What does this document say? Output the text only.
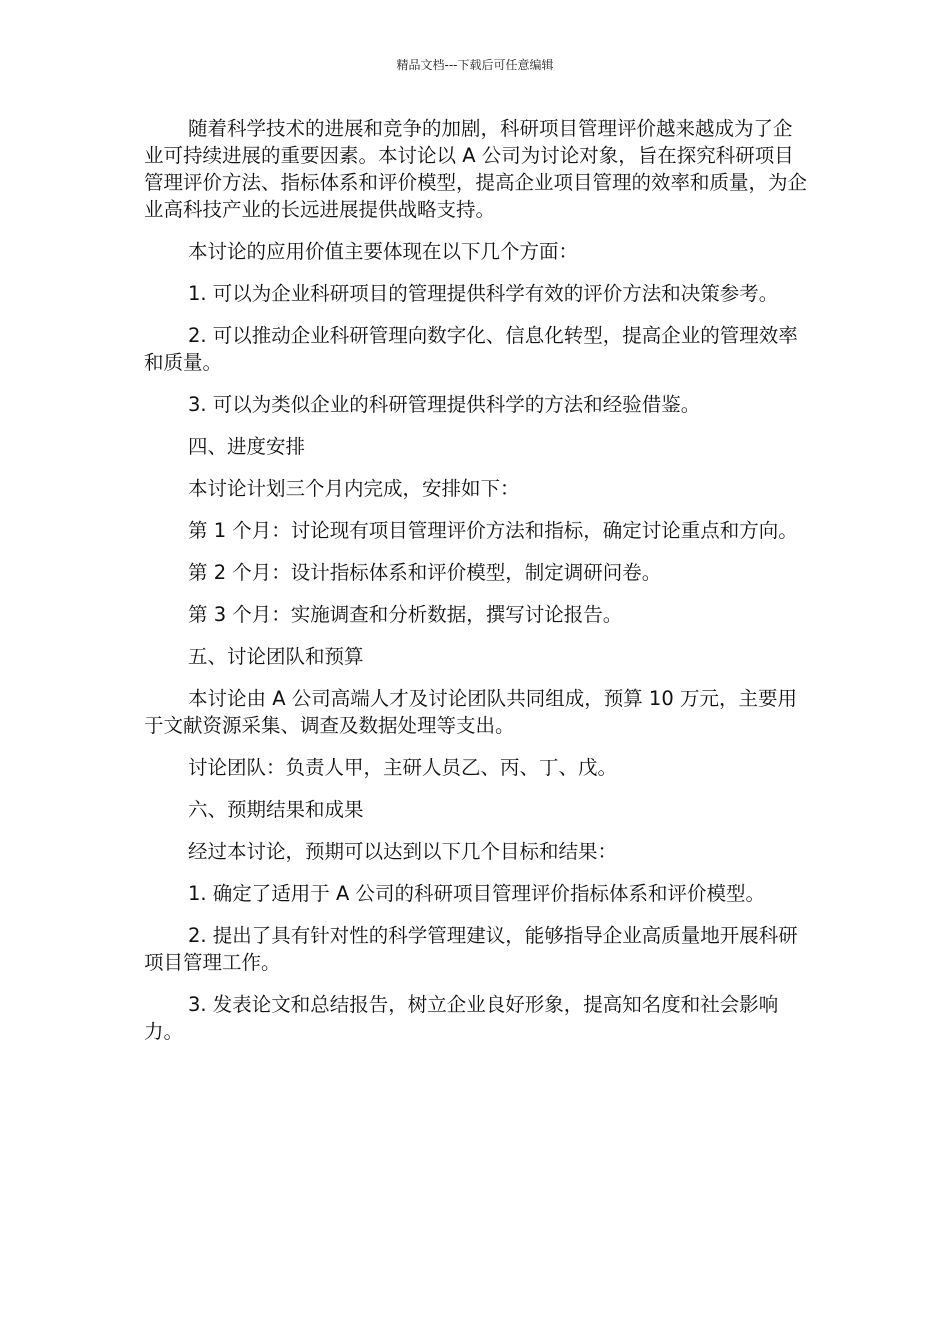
精品文档---下载后可任意编辑

随着科学技术的进展和竞争的加剧，科研项目管理评价越来越成为了企业可持续进展的重要因素。本讨论以 A 公司为讨论对象，旨在探究科研项目管理评价方法、指标体系和评价模型，提高企业项目管理的效率和质量，为企业高科技产业的长远进展提供战略支持。

本讨论的应用价值主要体现在以下几个方面：

1. 可以为企业科研项目的管理提供科学有效的评价方法和决策参考。

2. 可以推动企业科研管理向数字化、信息化转型，提高企业的管理效率和质量。

3. 可以为类似企业的科研管理提供科学的方法和经验借鉴。

四、进度安排

本讨论计划三个月内完成，安排如下：

第 1 个月：讨论现有项目管理评价方法和指标，确定讨论重点和方向。

第 2 个月：设计指标体系和评价模型，制定调研问卷。

第 3 个月：实施调查和分析数据，撰写讨论报告。

五、讨论团队和预算

本讨论由 A 公司高端人才及讨论团队共同组成，预算 10 万元，主要用于文献资源采集、调查及数据处理等支出。

讨论团队：负责人甲，主研人员乙、丙、丁、戊。

六、预期结果和成果

经过本讨论，预期可以达到以下几个目标和结果：

1. 确定了适用于 A 公司的科研项目管理评价指标体系和评价模型。

2. 提出了具有针对性的科学管理建议，能够指导企业高质量地开展科研项目管理工作。

3. 发表论文和总结报告，树立企业良好形象，提高知名度和社会影响力。
